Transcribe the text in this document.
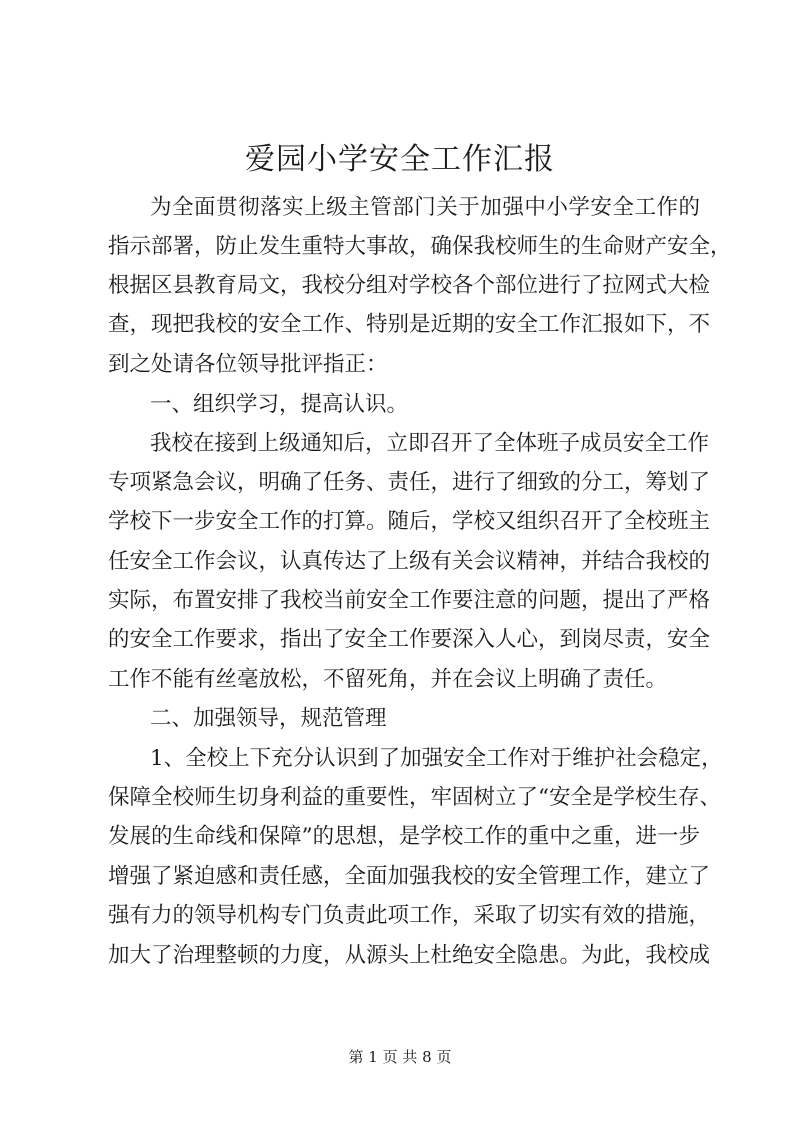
爱园小学安全工作汇报

为全面贯彻落实上级主管部门关于加强中小学安全工作的

指示部署，防止发生重特大事故，确保我校师生的生命财产安全，

根据区县教育局文，我校分组对学校各个部位进行了拉网式大检

查，现把我校的安全工作、特别是近期的安全工作汇报如下，不

到之处请各位领导批评指正：

一、组织学习，提高认识。

我校在接到上级通知后，立即召开了全体班子成员安全工作

专项紧急会议，明确了任务、责任，进行了细致的分工，筹划了

学校下一步安全工作的打算。随后，学校又组织召开了全校班主

任安全工作会议，认真传达了上级有关会议精神，并结合我校的

实际，布置安排了我校当前安全工作要注意的问题，提出了严格

的安全工作要求，指出了安全工作要深入人心，到岗尽责，安全

工作不能有丝毫放松，不留死角，并在会议上明确了责任。

二、加强领导，规范管理

1、全校上下充分认识到了加强安全工作对于维护社会稳定，

保障全校师生切身利益的重要性，牢固树立了“安全是学校生存、

发展的生命线和保障”的思想，是学校工作的重中之重，进一步

增强了紧迫感和责任感，全面加强我校的安全管理工作，建立了

强有力的领导机构专门负责此项工作，采取了切实有效的措施，

加大了治理整顿的力度，从源头上杜绝安全隐患。为此，我校成

第 1 页 共 8 页
